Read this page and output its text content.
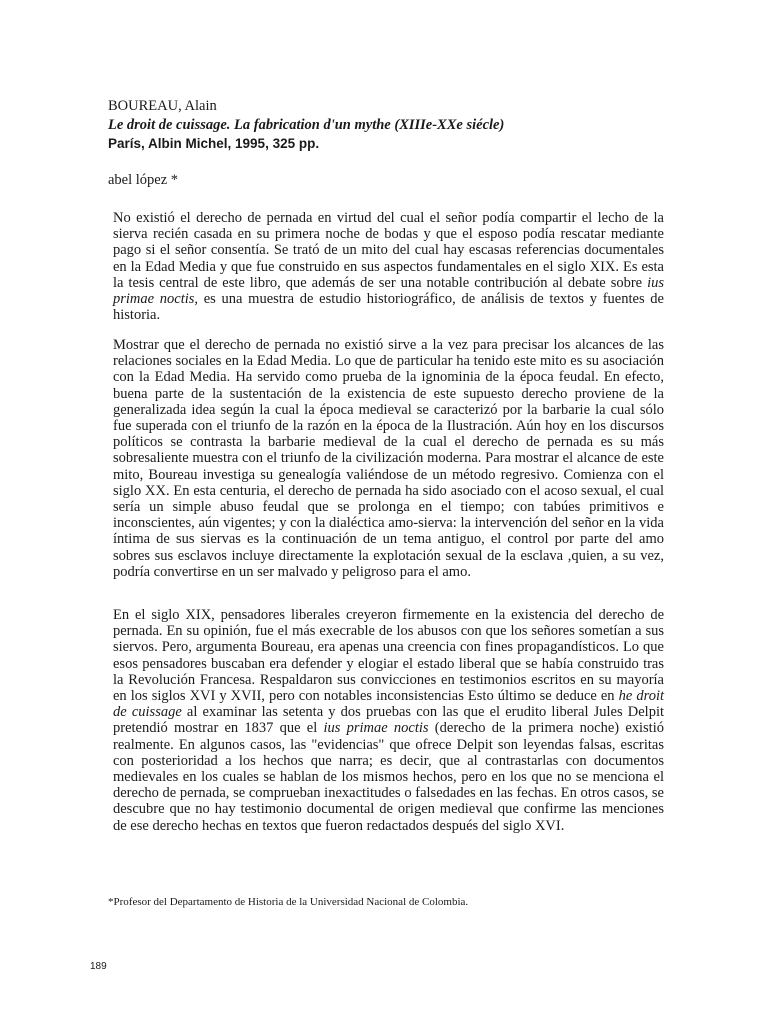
BOUREAU, Alain
Le droit de cuissage. La fabrication d'un mythe (XIIIe-XXe siécle)
París, Albin Michel, 1995, 325 pp.
abel lópez *

No existió el derecho de pernada en virtud del cual el señor podía compartir el lecho de la sierva recién casada en su primera noche de bodas y que el esposo podía rescatar mediante pago si el señor consentía. Se trató de un mito del cual hay escasas referencias documentales en la Edad Media y que fue construido en sus aspectos fundamentales en el siglo XIX. Es esta la tesis central de este libro, que además de ser una notable contribución al debate sobre ius primae noctis, es una muestra de estudio historiográfico, de análisis de textos y fuentes de historia.

Mostrar que el derecho de pernada no existió sirve a la vez para precisar los alcances de las relaciones sociales en la Edad Media. Lo que de particular ha tenido este mito es su asociación con la Edad Media. Ha servido como prueba de la ignominia de la época feudal. En efecto, buena parte de la sustentación de la existencia de este supuesto derecho proviene de la generalizada idea según la cual la época medieval se caracterizó por la barbarie la cual sólo fue superada con el triunfo de la razón en la época de la Ilustración. Aún hoy en los discursos políticos se contrasta la barbarie medieval de la cual el derecho de pernada es su más sobresaliente muestra con el triunfo de la civilización moderna. Para mostrar el alcance de este mito, Boureau investiga su genealogía valiéndose de un método regresivo. Comienza con el siglo XX. En esta centuria, el derecho de pernada ha sido asociado con el acoso sexual, el cual sería un simple abuso feudal que se prolonga en el tiempo; con tabúes primitivos e inconscientes, aún vigentes; y con la dialéctica amo-sierva: la intervención del señor en la vida íntima de sus siervas es la continuación de un tema antiguo, el control por parte del amo sobres sus esclavos incluye directamente la explotación sexual de la esclava ,quien, a su vez, podría convertirse en un ser malvado y peligroso para el amo.

En el siglo XIX, pensadores liberales creyeron firmemente en la existencia del derecho de pernada. En su opinión, fue el más execrable de los abusos con que los señores sometían a sus siervos. Pero, argumenta Boureau, era apenas una creencia con fines propagandísticos. Lo que esos pensadores buscaban era defender y elogiar el estado liberal que se había construido tras la Revolución Francesa. Respaldaron sus convicciones en testimonios escritos en su mayoría en los siglos XVI y XVII, pero con notables inconsistencias Esto último se deduce en he droit de cuissage al examinar las setenta y dos pruebas con las que el erudito liberal Jules Delpit pretendió mostrar en 1837 que el ius primae noctis (derecho de la primera noche) existió realmente. En algunos casos, las "evidencias" que ofrece Delpit son leyendas falsas, escritas con posterioridad a los hechos que narra; es decir, que al contrastarlas con documentos medievales en los cuales se hablan de los mismos hechos, pero en los que no se menciona el derecho de pernada, se comprueban inexactitudes o falsedades en las fechas. En otros casos, se descubre que no hay testimonio documental de origen medieval que confirme las menciones de ese derecho hechas en textos que fueron redactados después del siglo XVI.

*Profesor del Departamento de Historia de la Universidad Nacional de Colombia.
189
